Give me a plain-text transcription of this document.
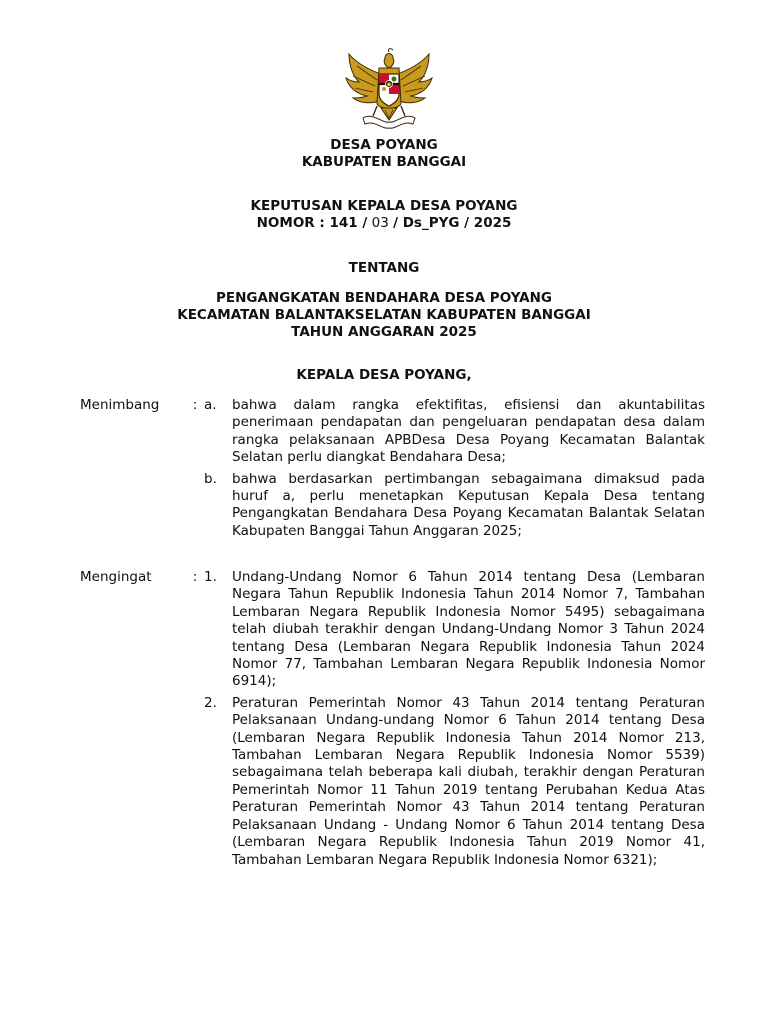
DESA POYANG
KABUPATEN BANGGAI
KEPUTUSAN KEPALA DESA POYANG
NOMOR : 141 / 03 / Ds_PYG / 2025
TENTANG
PENGANGKATAN BENDAHARA DESA POYANG
KECAMATAN BALANTAKSELATAN KABUPATEN BANGGAI
TAHUN ANGGARAN 2025
KEPALA DESA POYANG,
Menimbang	: a.	bahwa dalam rangka efektifitas, efisiensi dan akuntabilitas penerimaan pendapatan dan pengeluaran pendapatan desa dalam rangka pelaksanaan APBDesa Desa Poyang Kecamatan Balantak Selatan perlu diangkat Bendahara Desa;
b.	bahwa berdasarkan pertimbangan sebagaimana dimaksud pada huruf a, perlu menetapkan Keputusan Kepala Desa tentang Pengangkatan Bendahara Desa Poyang Kecamatan Balantak Selatan Kabupaten Banggai Tahun Anggaran 2025;
Mengingat	: 1.	Undang-Undang Nomor 6 Tahun 2014 tentang Desa (Lembaran Negara Tahun Republik Indonesia Tahun 2014 Nomor 7, Tambahan Lembaran Negara Republik Indonesia Nomor 5495) sebagaimana telah diubah terakhir dengan Undang-Undang Nomor 3 Tahun 2024 tentang Desa (Lembaran Negara Republik Indonesia Tahun 2024 Nomor 77, Tambahan Lembaran Negara Republik Indonesia Nomor 6914);
2.	Peraturan Pemerintah Nomor 43 Tahun 2014 tentang Peraturan Pelaksanaan Undang-undang Nomor 6 Tahun 2014 tentang Desa (Lembaran Negara Republik Indonesia Tahun 2014 Nomor 213, Tambahan Lembaran Negara Republik Indonesia Nomor 5539) sebagaimana telah beberapa kali diubah, terakhir dengan Peraturan Pemerintah Nomor 11 Tahun 2019 tentang Perubahan Kedua Atas Peraturan Pemerintah Nomor 43 Tahun 2014 tentang Peraturan Pelaksanaan Undang - Undang Nomor 6 Tahun 2014 tentang Desa (Lembaran Negara Republik Indonesia Tahun 2019 Nomor 41, Tambahan Lembaran Negara Republik Indonesia Nomor 6321);
